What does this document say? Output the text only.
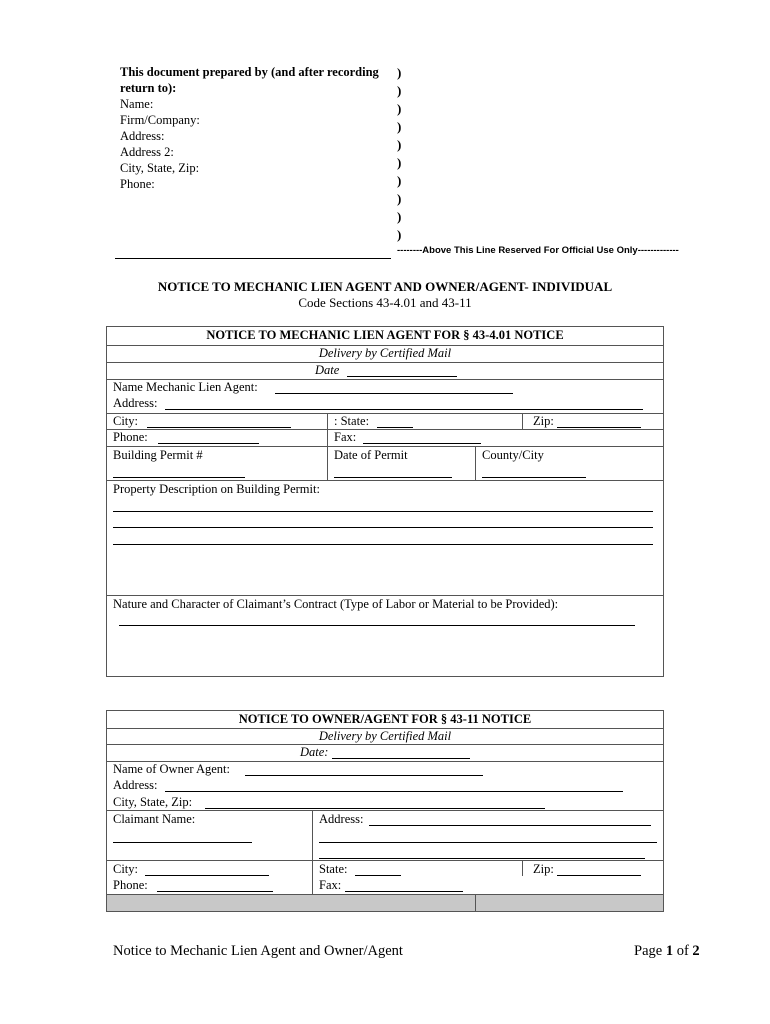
This document prepared by (and after recording
return to):
Name:
Firm/Company:
Address:
Address 2:
City, State, Zip:
Phone:
)
)
)
)
)
)
)
)
)
)
--------Above This Line Reserved For Official Use Only-------------
NOTICE TO MECHANIC LIEN AGENT AND OWNER/AGENT- INDIVIDUAL
Code Sections 43-4.01 and 43-11
NOTICE TO MECHANIC LIEN AGENT FOR § 43-4.01 NOTICE
Delivery by Certified Mail
Date
Name Mechanic Lien Agent:
Address:
City:	: State:	Zip:
Phone:	Fax:
Building Permit #	Date of Permit	County/City
Property Description on Building Permit:
Nature and Character of Claimant’s Contract (Type of Labor or Material to be Provided):
NOTICE TO OWNER/AGENT FOR § 43-11 NOTICE
Delivery by Certified Mail
Date:
Name of Owner Agent:
Address:
City, State, Zip:
Claimant Name:	Address:
City:	State:	Zip:
Phone:	Fax:
Notice to Mechanic Lien Agent and Owner/Agent	Page 1 of 2
